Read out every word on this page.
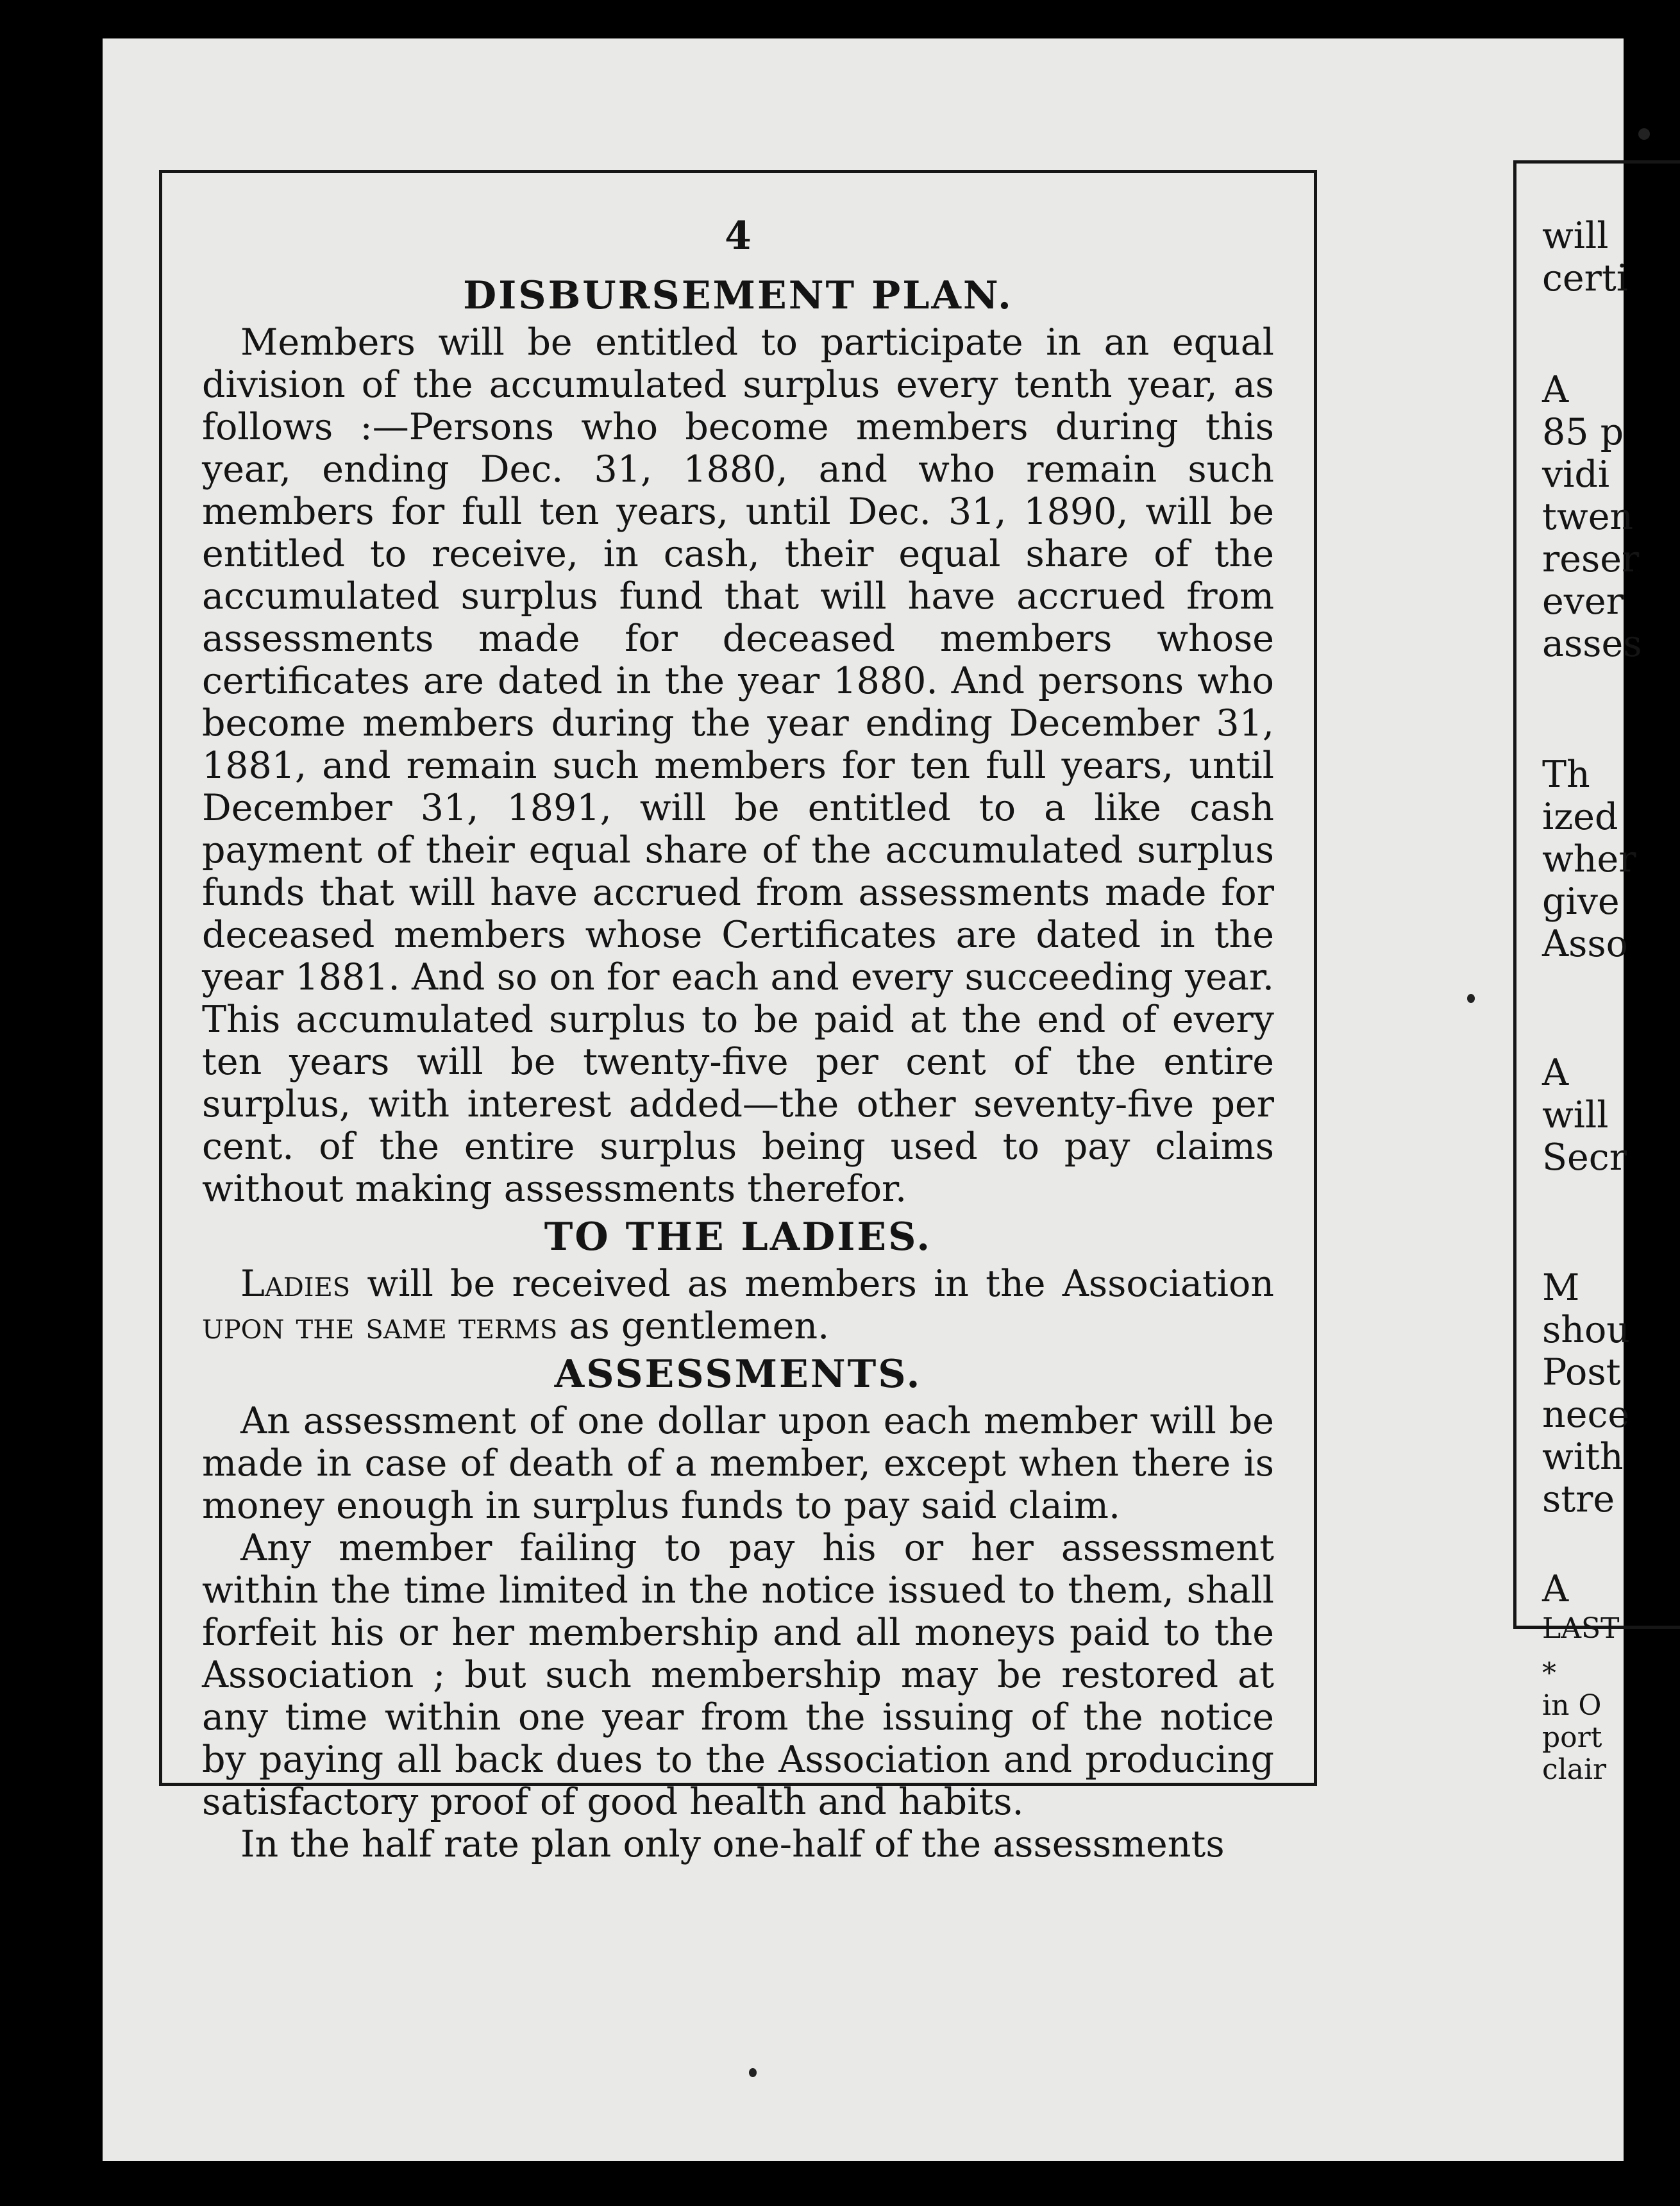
4
DISBURSEMENT PLAN.

Members will be entitled to participate in an equal division of the accumulated surplus every tenth year, as follows :—Persons who become members during this year, ending Dec. 31, 1880, and who remain such members for full ten years, until Dec. 31, 1890, will be entitled to receive, in cash, their equal share of the accumulated surplus fund that will have accrued from assessments made for deceased members whose certificates are dated in the year 1880. And persons who become members during the year ending December 31, 1881, and remain such members for ten full years, until December 31, 1891, will be entitled to a like cash payment of their equal share of the accumulated surplus funds that will have accrued from assessments made for deceased members whose Certificates are dated in the year 1881. And so on for each and every succeeding year. This accumulated surplus to be paid at the end of every ten years will be twenty-five per cent of the entire surplus, with interest added—the other seventy-five per cent. of the entire surplus being used to pay claims without making assessments therefor.

TO THE LADIES.

Ladies will be received as members in the Association upon the same terms as gentlemen.

ASSESSMENTS.

An assessment of one dollar upon each member will be made in case of death of a member, except when there is money enough in surplus funds to pay said claim.

Any member failing to pay his or her assessment within the time limited in the notice issued to them, shall forfeit his or her membership and all moneys paid to the Association ; but such membership may be restored at any time within one year from the issuing of the notice by paying all back dues to the Association and producing satisfactory proof of good health and habits.

In the half rate plan only one-half of the assessments

will
certi
A
85 p
vidi
twen
reser
ever
asses
Th
ized
wher
give
Asso
A
will
Secr
M
shou
Post
nece
with
stre
A
LAST
*
in O
port
clair
